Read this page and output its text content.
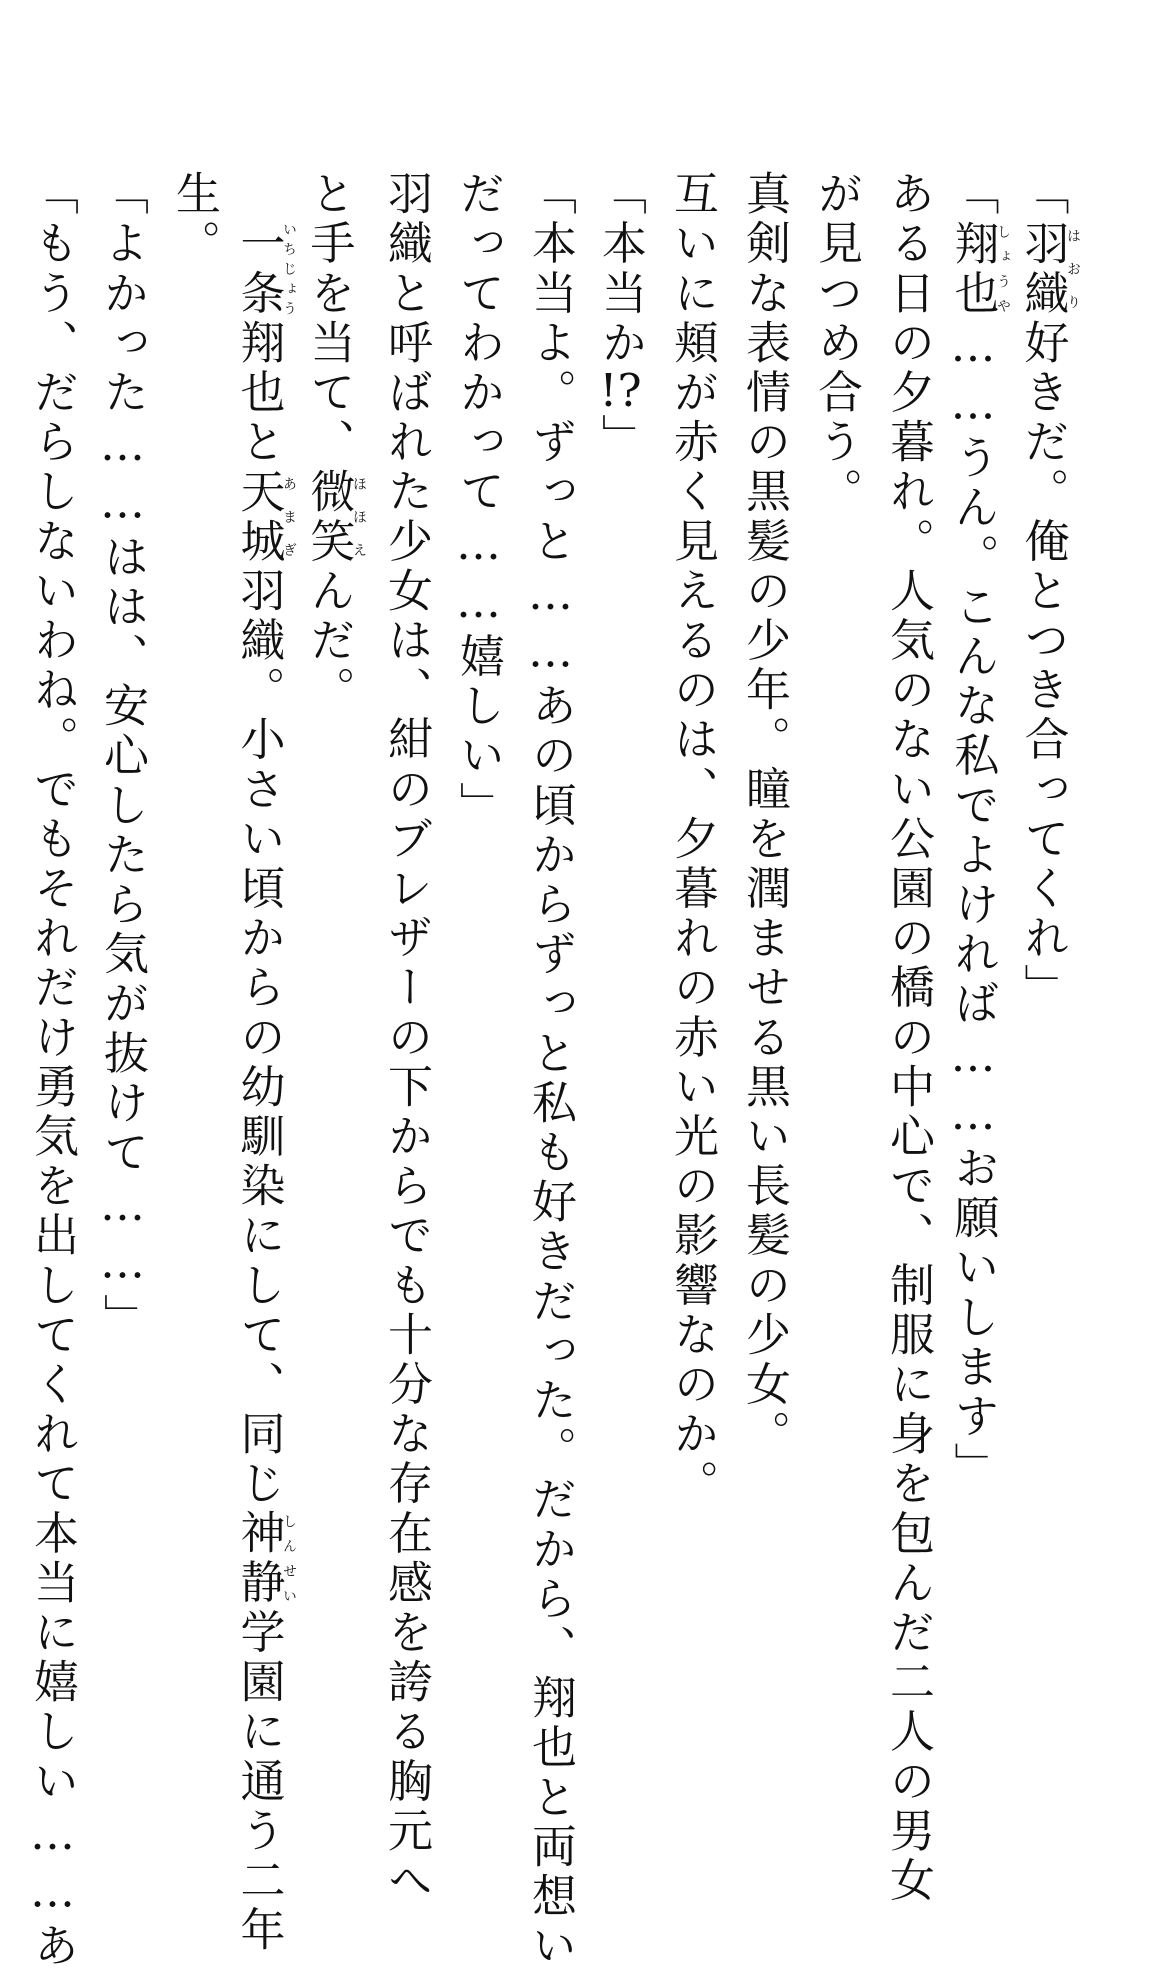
「羽織はおり好きだ。俺とつき合ってくれ」
「翔也しょうや……うん。こんな私でよければ……お願いします」
ある日の夕暮れ。人気のない公園の橋の中心で、制服に身を包んだ二人の男女
が見つめ合う。
真剣な表情の黒髪の少年。瞳を潤ませる黒い長髪の少女。
互いに頬が赤く見えるのは、夕暮れの赤い光の影響なのか。
「本当か!?」
「本当よ。ずっと……あの頃からずっと私も好きだった。だから、翔也と両想い
だってわかって……嬉しい」
羽織と呼ばれた少女は、紺のブレザーの下からでも十分な存在感を誇る胸元へ
と手を当て、微笑ほほえんだ。
　一条いちじょう翔也と天城あまぎ羽織。小さい頃からの幼馴染にして、同じ神静しんせい学園に通う二年
生。
「よかった……はは、安心したら気が抜けて……」
「もう、だらしないわね。でもそれだけ勇気を出してくれて本当に嬉しい……あ
